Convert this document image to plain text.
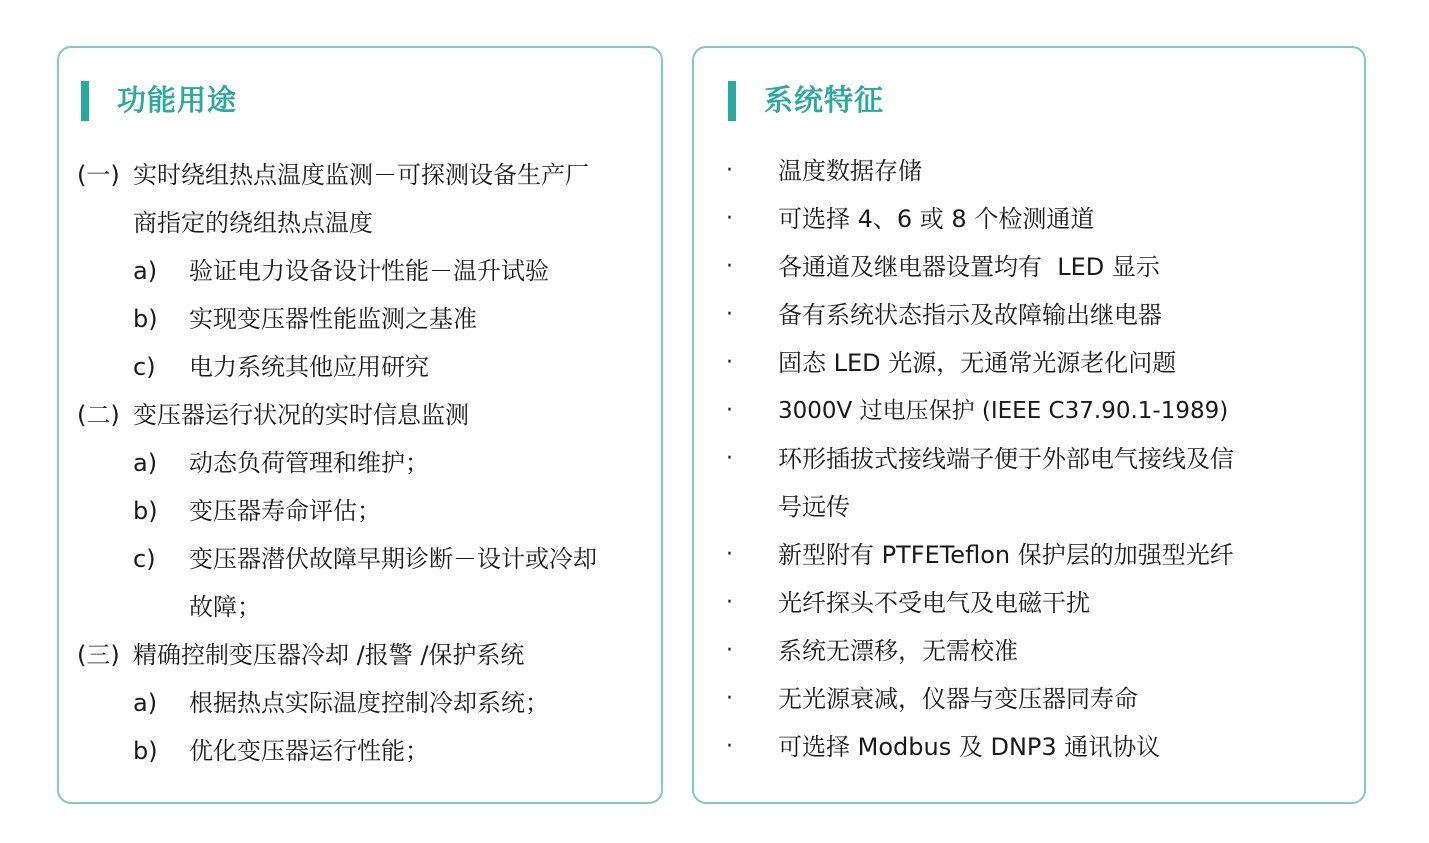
功能用途
(一) 实时绕组热点温度监测－可探测设备生产厂
商指定的绕组热点温度
a) 验证电力设备设计性能－温升试验
b) 实现变压器性能监测之基准
c) 电力系统其他应用研究
(二) 变压器运行状况的实时信息监测
a) 动态负荷管理和维护；
b) 变压器寿命评估；
c) 变压器潜伏故障早期诊断－设计或冷却
故障；
(三) 精确控制变压器冷却 /报警 /保护系统
a) 根据热点实际温度控制冷却系统；
b) 优化变压器运行性能；
系统特征
· 温度数据存储
· 可选择 4、6 或 8 个检测通道
· 各通道及继电器设置均有  LED 显示
· 备有系统状态指示及故障输出继电器
· 固态 LED 光源，无通常光源老化问题
· 3000V 过电压保护 (IEEE C37.90.1-1989)
· 环形插拔式接线端子便于外部电气接线及信
号远传
· 新型附有 PTFETeflon 保护层的加强型光纤
· 光纤探头不受电气及电磁干扰
· 系统无漂移，无需校准
· 无光源衰减，仪器与变压器同寿命
· 可选择 Modbus 及 DNP3 通讯协议
